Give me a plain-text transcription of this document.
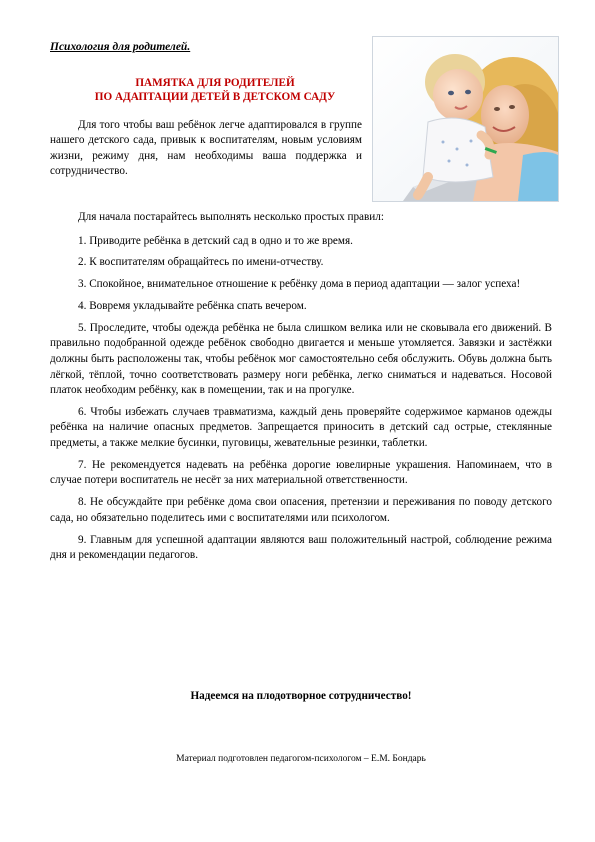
Психология для родителей.

ПАМЯТКА ДЛЯ РОДИТЕЛЕЙ
ПО АДАПТАЦИИ ДЕТЕЙ В ДЕТСКОМ САДУ

Для того чтобы ваш ребёнок легче адаптировался в группе нашего детского сада, привык к воспитателям, новым условиям жизни, режиму дня, нам необходимы ваша поддержка и сотрудничество.

Для начала постарайтесь выполнять несколько простых правил:

1. Приводите ребёнка в детский сад в одно и то же время.

2. К воспитателям обращайтесь по имени-отчеству.

3. Спокойное, внимательное отношение к ребёнку дома в период адаптации — залог успеха!

4. Вовремя укладывайте ребёнка спать вечером.

5. Проследите, чтобы одежда ребёнка не была слишком велика или не сковывала его движений. В правильно подобранной одежде ребёнок свободно двигается и меньше утомляется. Завязки и застёжки должны быть расположены так, чтобы ребёнок мог самостоятельно себя обслужить. Обувь должна быть лёгкой, тёплой, точно соответствовать размеру ноги ребёнка, легко сниматься и надеваться. Носовой платок необходим ребёнку, как в помещении, так и на прогулке.

6. Чтобы избежать случаев травматизма, каждый день проверяйте содержимое карманов одежды ребёнка на наличие опасных предметов. Запрещается приносить в детский сад острые, стеклянные предметы, а также мелкие бусинки, пуговицы, жевательные резинки, таблетки.

7. Не рекомендуется надевать на ребёнка дорогие ювелирные украшения. Напоминаем, что в случае потери воспитатель не несёт за них материальной ответственности.

8. Не обсуждайте при ребёнке дома свои опасения, претензии и переживания по поводу детского сада, но обязательно поделитесь ими с воспитателями или психологом.

9. Главным для успешной адаптации являются ваш положительный настрой, соблюдение режима дня и рекомендации педагогов.

Надеемся на плодотворное сотрудничество!
Материал подготовлен педагогом-психологом – Е.М. Бондарь
